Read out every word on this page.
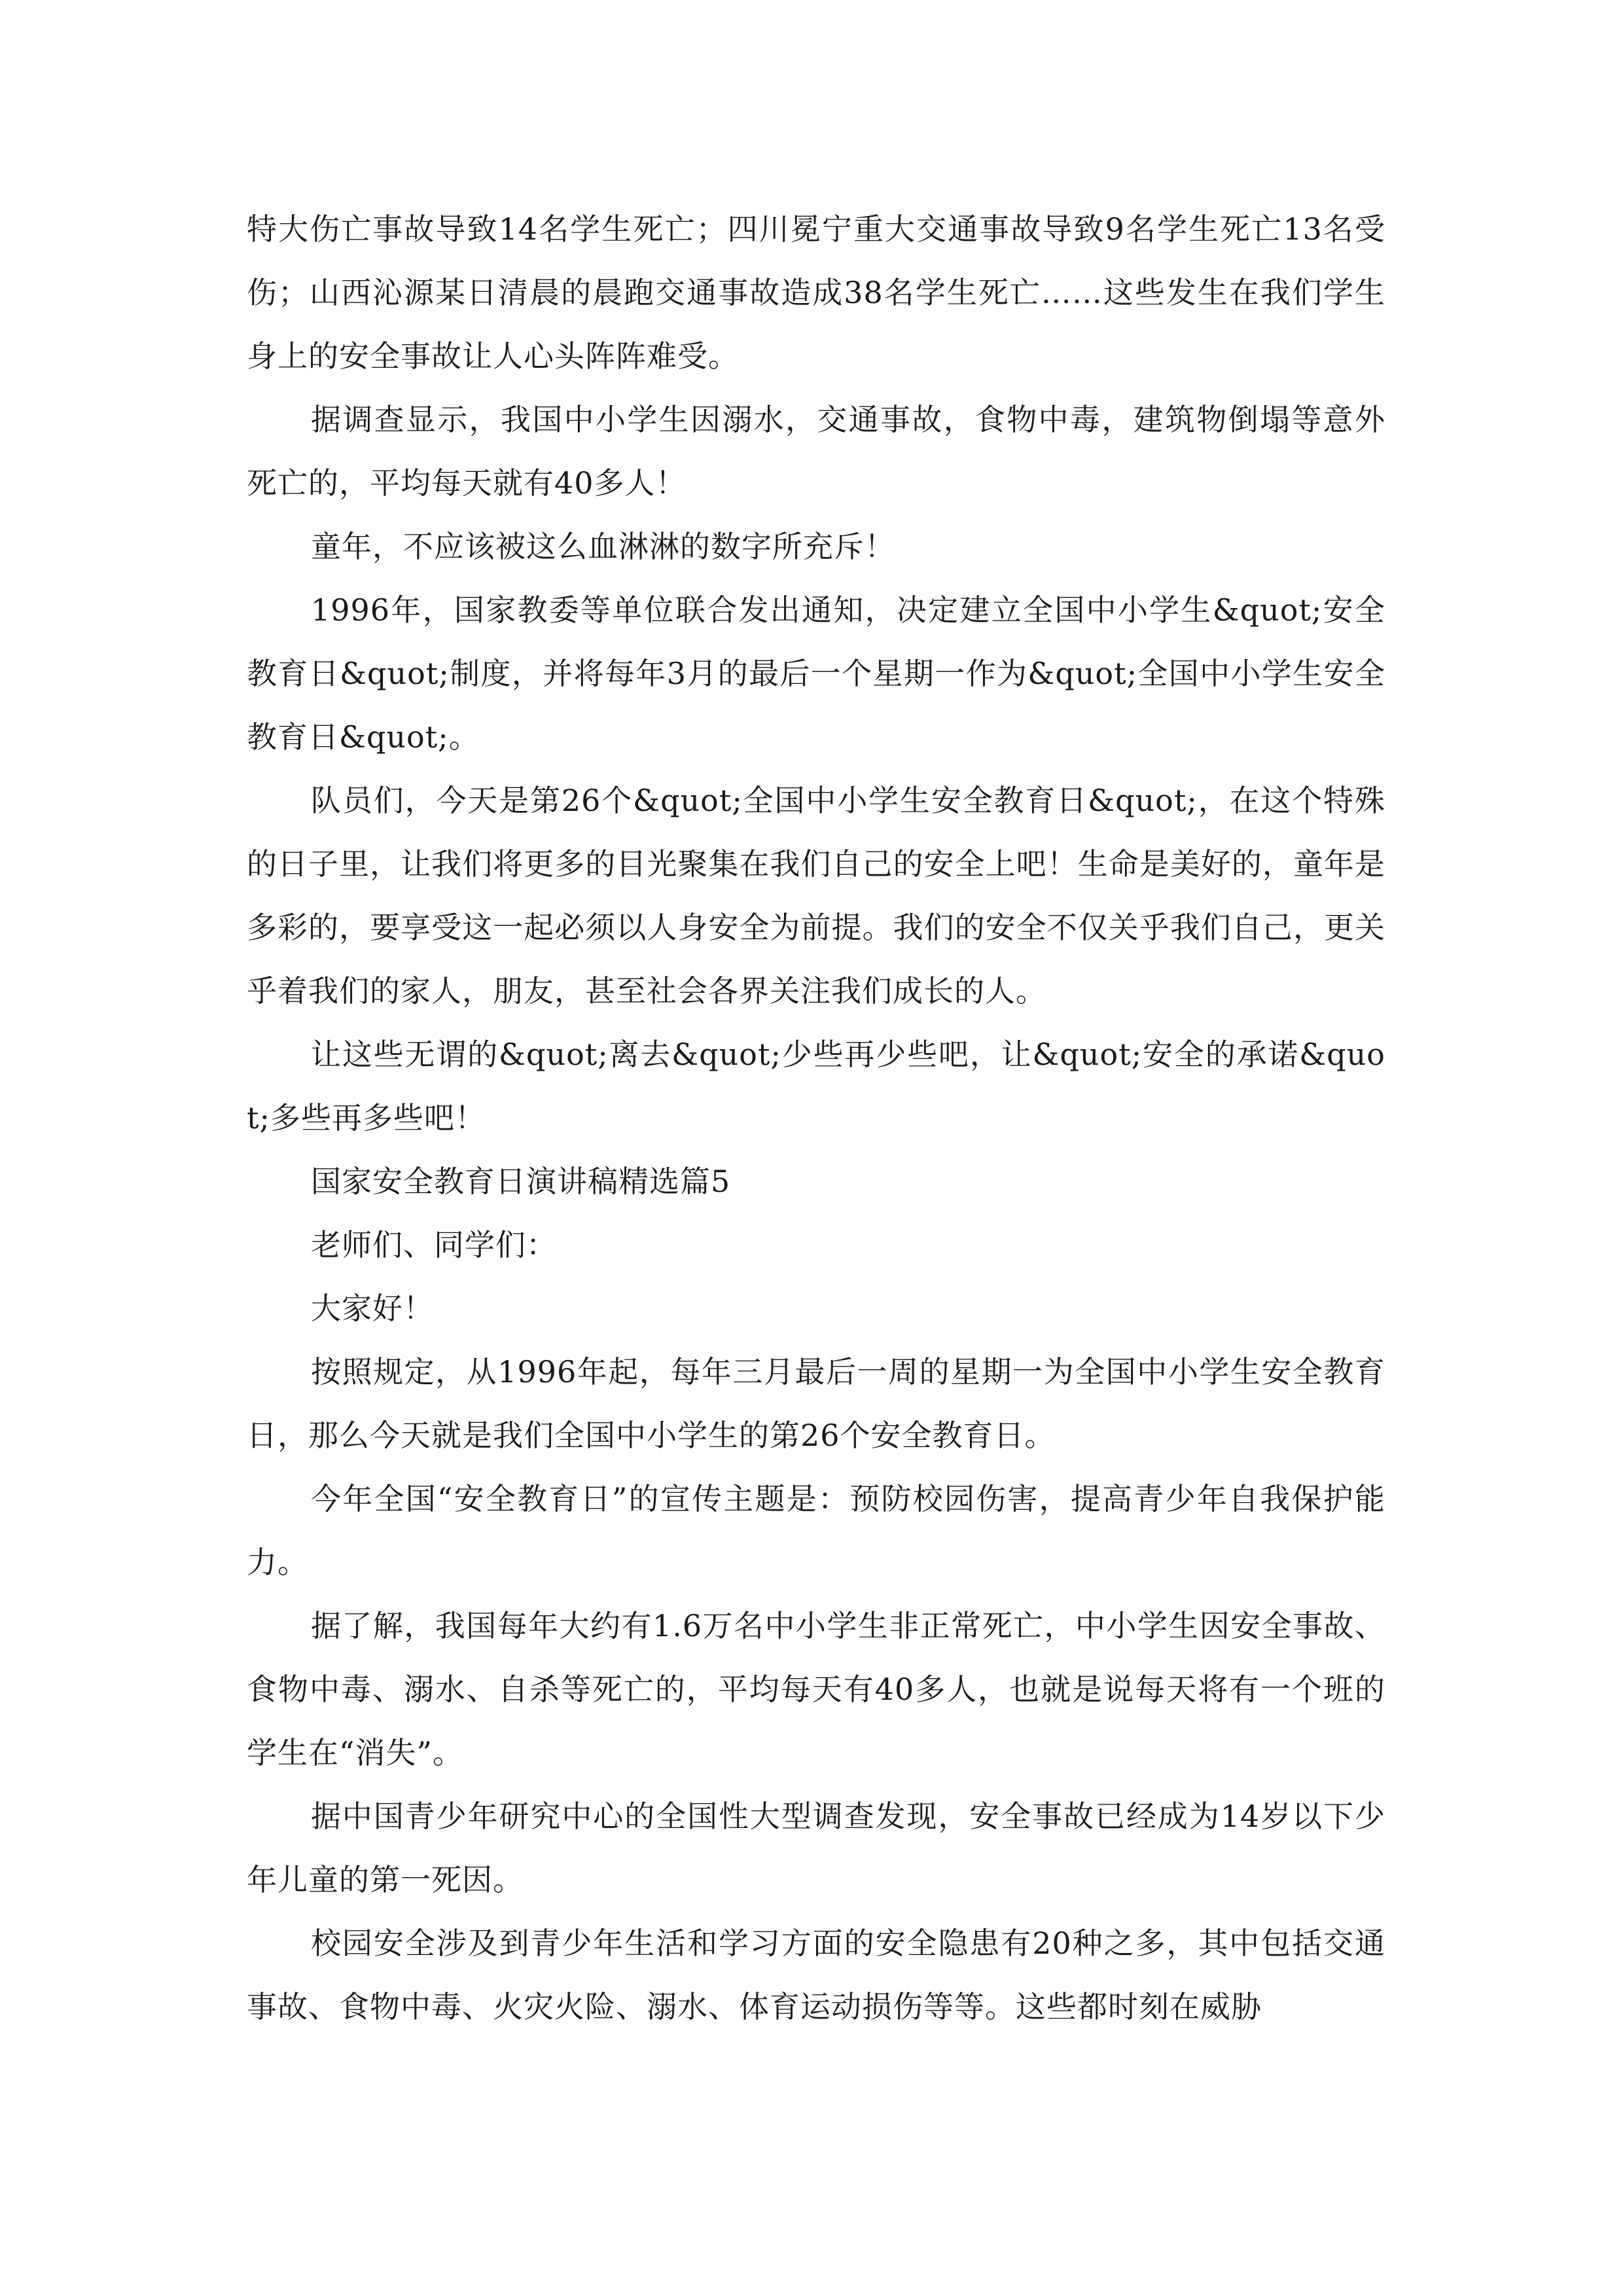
特大伤亡事故导致14名学生死亡；四川冕宁重大交通事故导致9名学生死亡13名受伤；山西沁源某日清晨的晨跑交通事故造成38名学生死亡……这些发生在我们学生身上的安全事故让人心头阵阵难受。

据调查显示，我国中小学生因溺水，交通事故，食物中毒，建筑物倒塌等意外死亡的，平均每天就有40多人！

童年，不应该被这么血淋淋的数字所充斥！

1996年，国家教委等单位联合发出通知，决定建立全国中小学生&quot;安全教育日&quot;制度，并将每年3月的最后一个星期一作为&quot;全国中小学生安全教育日&quot;。

队员们，今天是第26个&quot;全国中小学生安全教育日&quot;，在这个特殊的日子里，让我们将更多的目光聚集在我们自己的安全上吧！生命是美好的，童年是多彩的，要享受这一起必须以人身安全为前提。我们的安全不仅关乎我们自己，更关乎着我们的家人，朋友，甚至社会各界关注我们成长的人。

让这些无谓的&quot;离去&quot;少些再少些吧，让&quot;安全的承诺&quot;多些再多些吧！

国家安全教育日演讲稿精选篇5

老师们、同学们：

大家好！

按照规定，从1996年起，每年三月最后一周的星期一为全国中小学生安全教育日，那么今天就是我们全国中小学生的第26个安全教育日。

今年全国“安全教育日”的宣传主题是：预防校园伤害，提高青少年自我保护能力。

据了解，我国每年大约有1.6万名中小学生非正常死亡，中小学生因安全事故、食物中毒、溺水、自杀等死亡的，平均每天有40多人，也就是说每天将有一个班的学生在“消失”。

据中国青少年研究中心的全国性大型调查发现，安全事故已经成为14岁以下少年儿童的第一死因。

校园安全涉及到青少年生活和学习方面的安全隐患有20种之多，其中包括交通事故、食物中毒、火灾火险、溺水、体育运动损伤等等。这些都时刻在威胁
